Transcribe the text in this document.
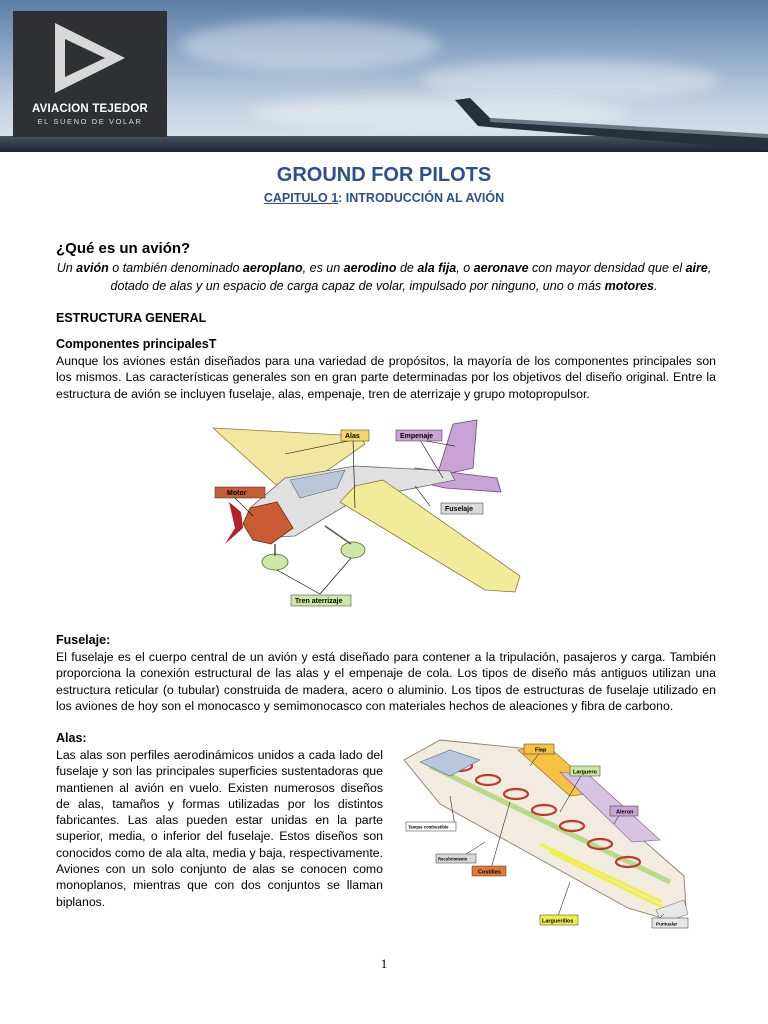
AVIACION TEJEDOR
EL SUENO DE VOLAR
GROUND FOR PILOTS
CAPITULO 1: INTRODUCCIÓN AL AVIÓN
¿Qué es un avión?
Un avión o también denominado aeroplano, es un aerodino de ala fija, o aeronave con mayor densidad que el aire, dotado de alas y un espacio de carga capaz de volar, impulsado por ninguno, uno o más motores.
ESTRUCTURA GENERAL
Componentes principalesT
Aunque los aviones están diseñados para una variedad de propósitos, la mayoría de los componentes principales son los mismos. Las características generales son en gran parte determinadas por los objetivos del diseño original. Entre la estructura de avión se incluyen fuselaje, alas, empenaje, tren de aterrizaje y grupo motopropulsor.
Alas	Empenaje
Motor
Fuselaje
Tren aterrizaje
Fuselaje:
El fuselaje es el cuerpo central de un avión y está diseñado para contener a la tripulación, pasajeros y carga. También proporciona la conexión estructural de las alas y el empenaje de cola. Los tipos de diseño más antiguos utilizan una estructura reticular (o tubular) construida de madera, acero o aluminio. Los tipos de estructuras de fuselaje utilizado en los aviones de hoy son el monocasco y semimonocasco con materiales hechos de aleaciones y fibra de carbono.
Alas:
Las alas son perfiles aerodinámicos unidos a cada lado del fuselaje y son las principales superficies sustentadoras que mantienen al avión en vuelo. Existen numerosos diseños de alas, tamaños y formas utilizadas por los distintos fabricantes. Las alas pueden estar unidas en la parte superior, media, o inferior del fuselaje. Estos diseños son conocidos como de ala alta, media y baja, respectivamente. Aviones con un solo conjunto de alas se conocen como monoplanos, mientras que con dos conjuntos se llaman biplanos.
Flap
Larguero
Aleron
Tanque combustible
Recubrimiento
Costillas
Larguerillos	Puntualar
1
